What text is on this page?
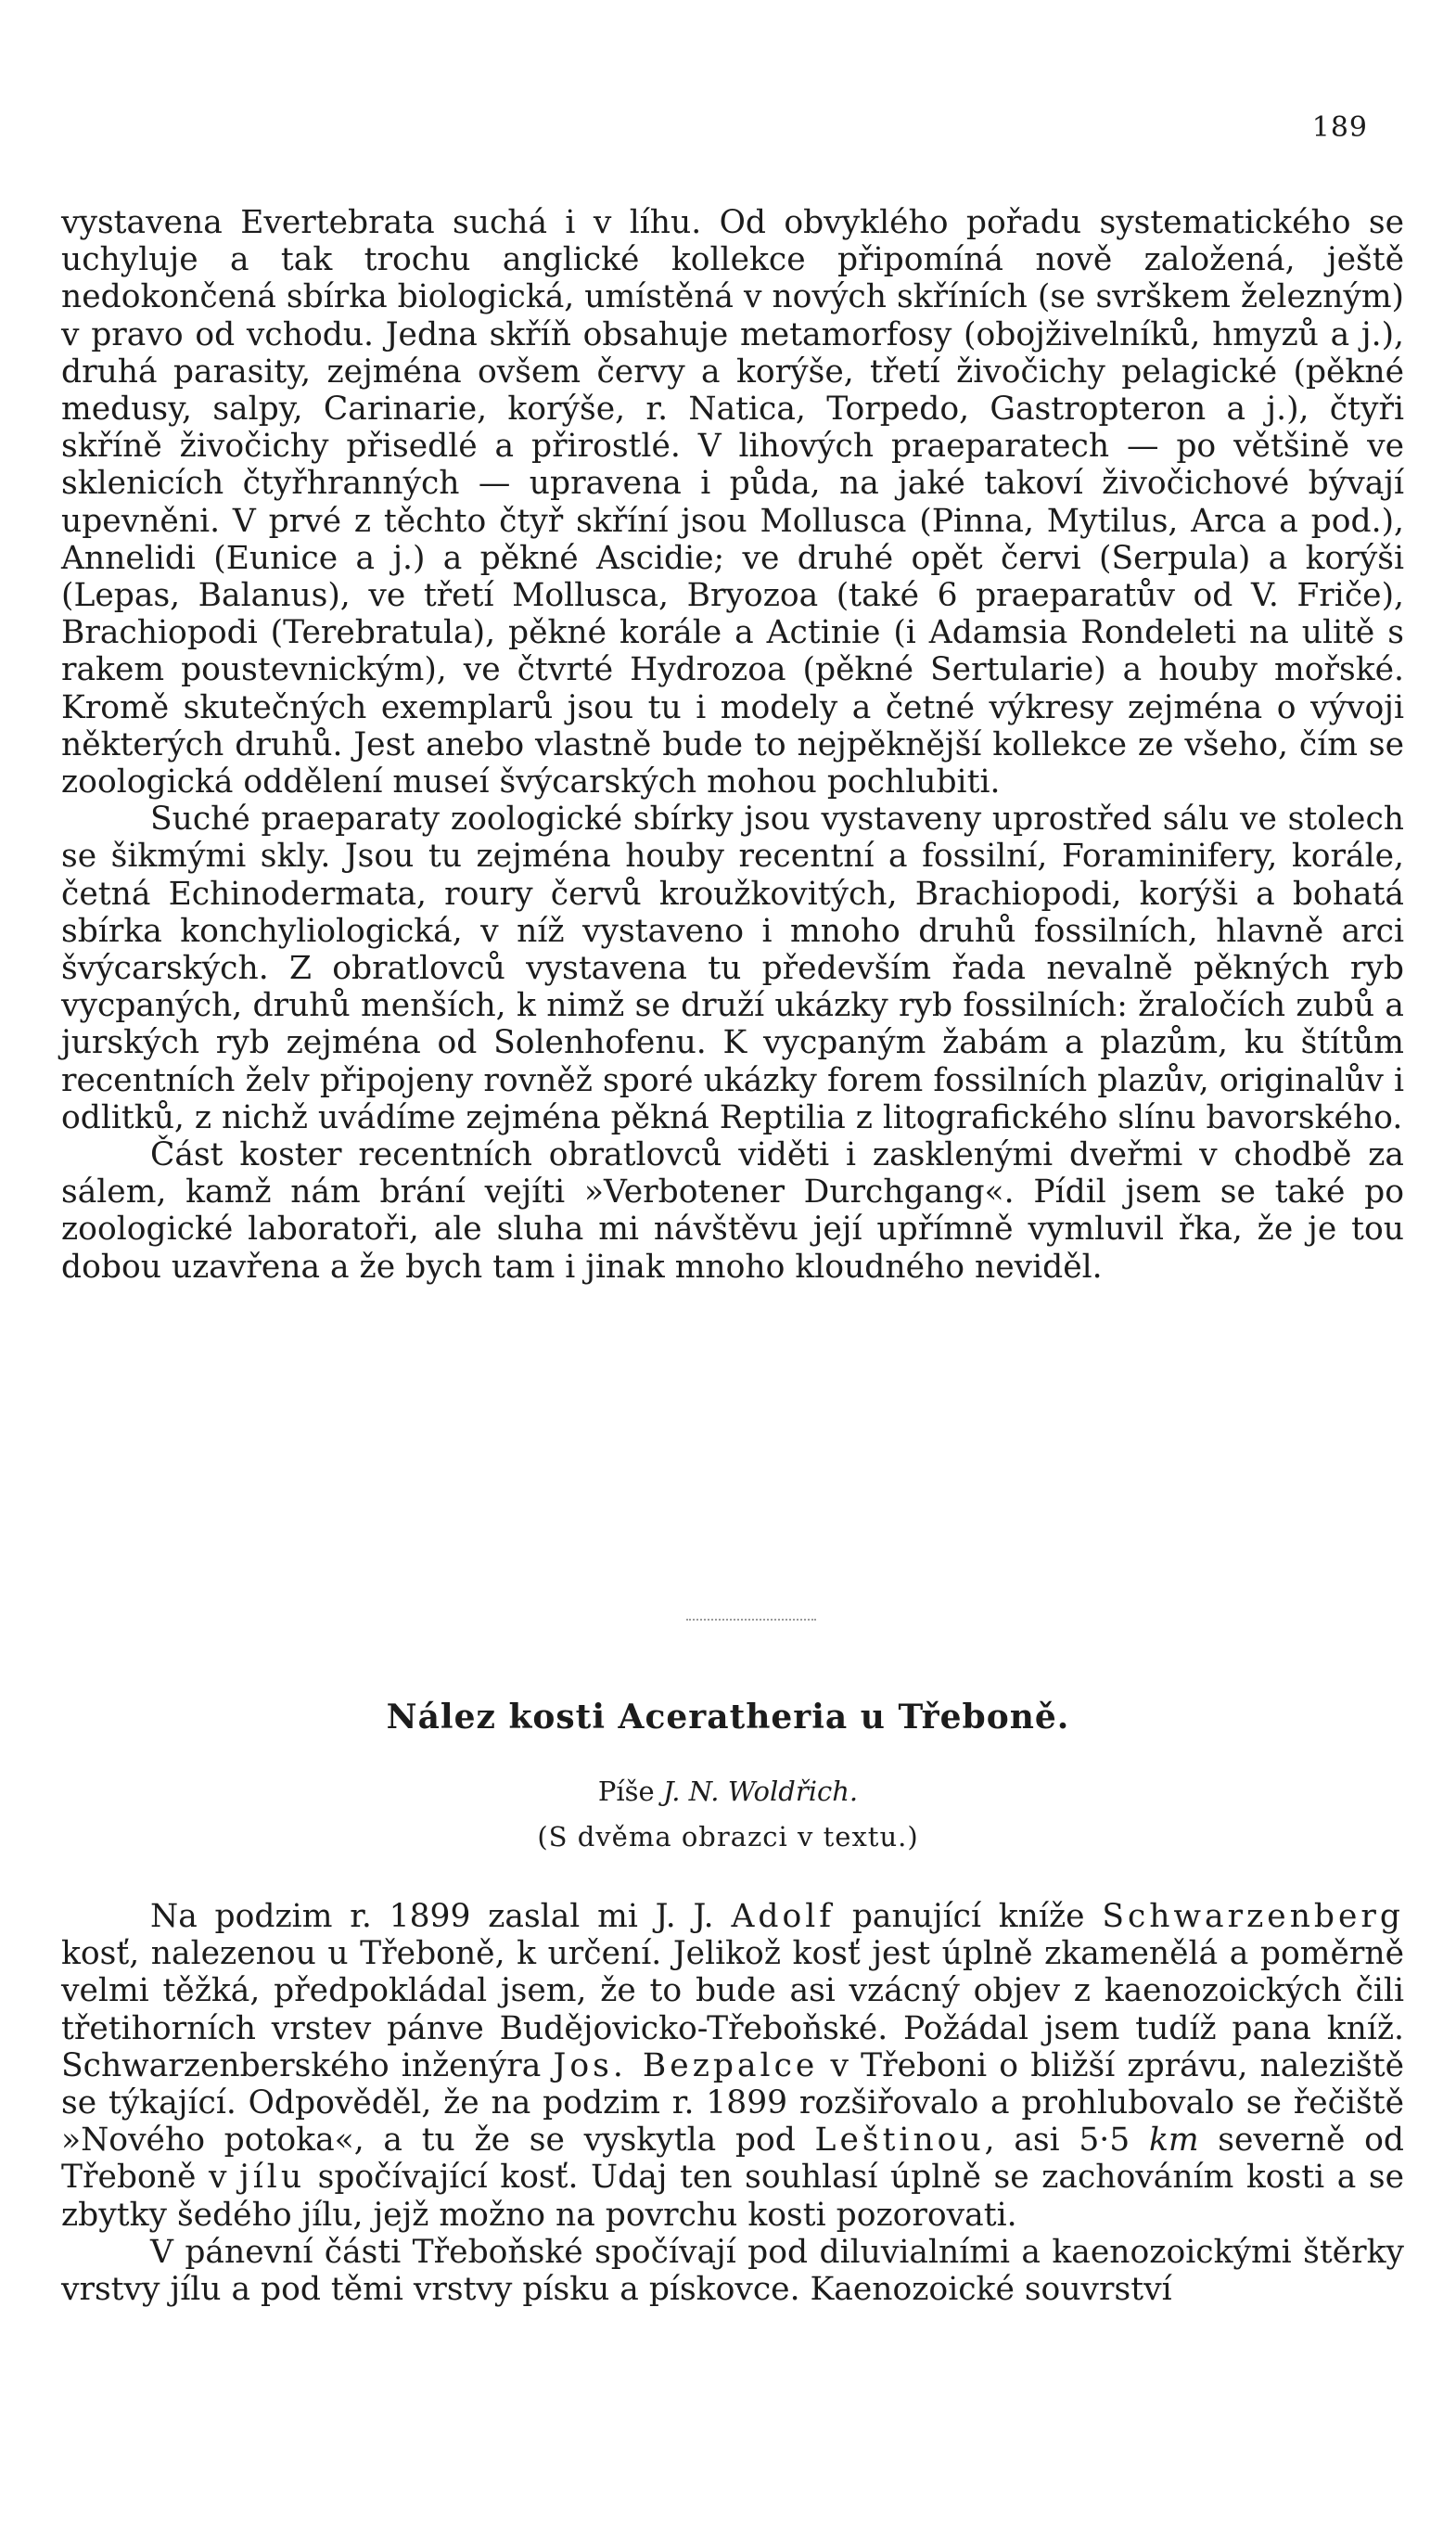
189

vystavena Evertebrata suchá i v líhu. Od obvyklého pořadu systematického se uchyluje a tak trochu anglické kollekce připomíná nově založená, ještě nedokončená sbírka biologická, umístěná v nových skříních (se svrškem železným) v pravo od vchodu. Jedna skříň obsahuje metamorfosy (obojživelníků, hmyzů a j.), druhá parasity, zejména ovšem červy a korýše, třetí živočichy pelagické (pěkné medusy, salpy, Carinarie, korýše, r. Natica, Torpedo, Gastropteron a j.), čtyři skříně živočichy přisedlé a přirostlé. V lihových praeparatech — po většině ve sklenicích čtyřhranných — upravena i půda, na jaké takoví živočichové bývají upevněni. V prvé z těchto čtyř skříní jsou Mollusca (Pinna, Mytilus, Arca a pod.), Annelidi (Eunice a j.) a pěkné Ascidie; ve druhé opět červi (Serpula) a korýši (Lepas, Balanus), ve třetí Mollusca, Bryozoa (také 6 praeparatův od V. Friče), Brachiopodi (Terebratula), pěkné korále a Actinie (i Adamsia Rondeleti na ulitě s rakem poustevnickým), ve čtvrté Hydrozoa (pěkné Sertularie) a houby mořské. Kromě skutečných exemplarů jsou tu i modely a četné výkresy zejména o vývoji některých druhů. Jest anebo vlastně bude to nejpěknější kollekce ze všeho, čím se zoologická oddělení museí švýcarských mohou pochlubiti.

Suché praeparaty zoologické sbírky jsou vystaveny uprostřed sálu ve stolech se šikmými skly. Jsou tu zejména houby recentní a fossilní, Foraminifery, korále, četná Echinodermata, roury červů kroužkovitých, Brachiopodi, korýši a bohatá sbírka konchyliologická, v níž vystaveno i mnoho druhů fossilních, hlavně arci švýcarských. Z obratlovců vystavena tu především řada nevalně pěkných ryb vycpaných, druhů menších, k nimž se druží ukázky ryb fossilních: žraločích zubů a jurských ryb zejména od Solenhofenu. K vycpaným žabám a plazům, ku štítům recentních želv připojeny rovněž sporé ukázky forem fossilních plazův, originalův i odlitků, z nichž uvádíme zejména pěkná Reptilia z litografického slínu bavorského.

Část koster recentních obratlovců viděti i zasklenými dveřmi v chodbě za sálem, kamž nám brání vejíti »Verbotener Durchgang«. Pídil jsem se také po zoologické laboratoři, ale sluha mi návštěvu její upřímně vymluvil řka, že je tou dobou uzavřena a že bych tam i jinak mnoho kloudného neviděl.

Nález kosti Aceratheria u Třeboně.
Píše J. N. Woldřich.
(S dvěma obrazci v textu.)

Na podzim r. 1899 zaslal mi J. J. Adolf panující kníže Schwarzenberg kosť, nalezenou u Třeboně, k určení. Jelikož kosť jest úplně zkamenělá a poměrně velmi těžká, předpokládal jsem, že to bude asi vzácný objev z kaenozoických čili třetihorních vrstev pánve Budějovicko-Třeboňské. Požádal jsem tudíž pana kníž. Schwarzenberského inženýra Jos. Bezpalce v Třeboni o bližší zprávu, naleziště se týkající. Odpověděl, že na podzim r. 1899 rozšiřovalo a prohlubovalo se řečiště »Nového potoka«, a tu že se vyskytla pod Leštinou, asi 5·5 km severně od Třeboně v jílu spočívající kosť. Udaj ten souhlasí úplně se zachováním kosti a se zbytky šedého jílu, jejž možno na povrchu kosti pozorovati.

V pánevní části Třeboňské spočívají pod diluvialními a kaenozoickými štěrky vrstvy jílu a pod těmi vrstvy písku a pískovce. Kaenozoické souvrství
